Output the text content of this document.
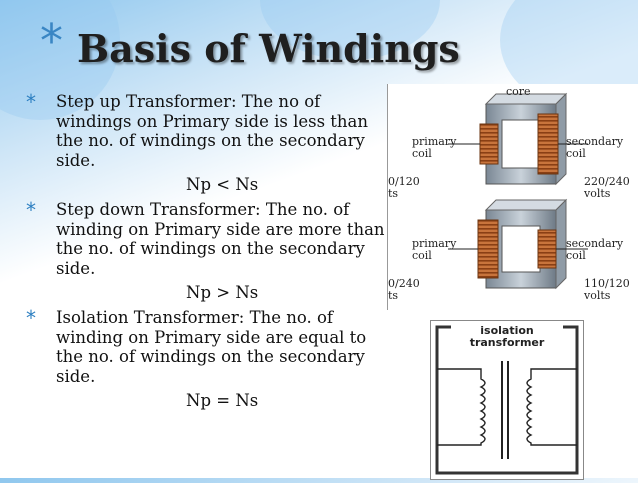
* Basis of Windings
*	Step up Transformer: The no of windings on Primary side is less than the no. of windings on the secondary side.
Np < Ns
*	Step down Transformer: The no. of winding on Primary side are more than the no. of windings on the secondary side.
Np > Ns
*	Isolation Transformer: The no. of winding on Primary side are equal to the no. of windings on the secondary side.
Np = Ns
core
primary
coil
secondary
coil
0/120
ts
220/240
volts
primary
coil
secondary
coil
0/240
ts
110/120
volts
isolation
transformer
